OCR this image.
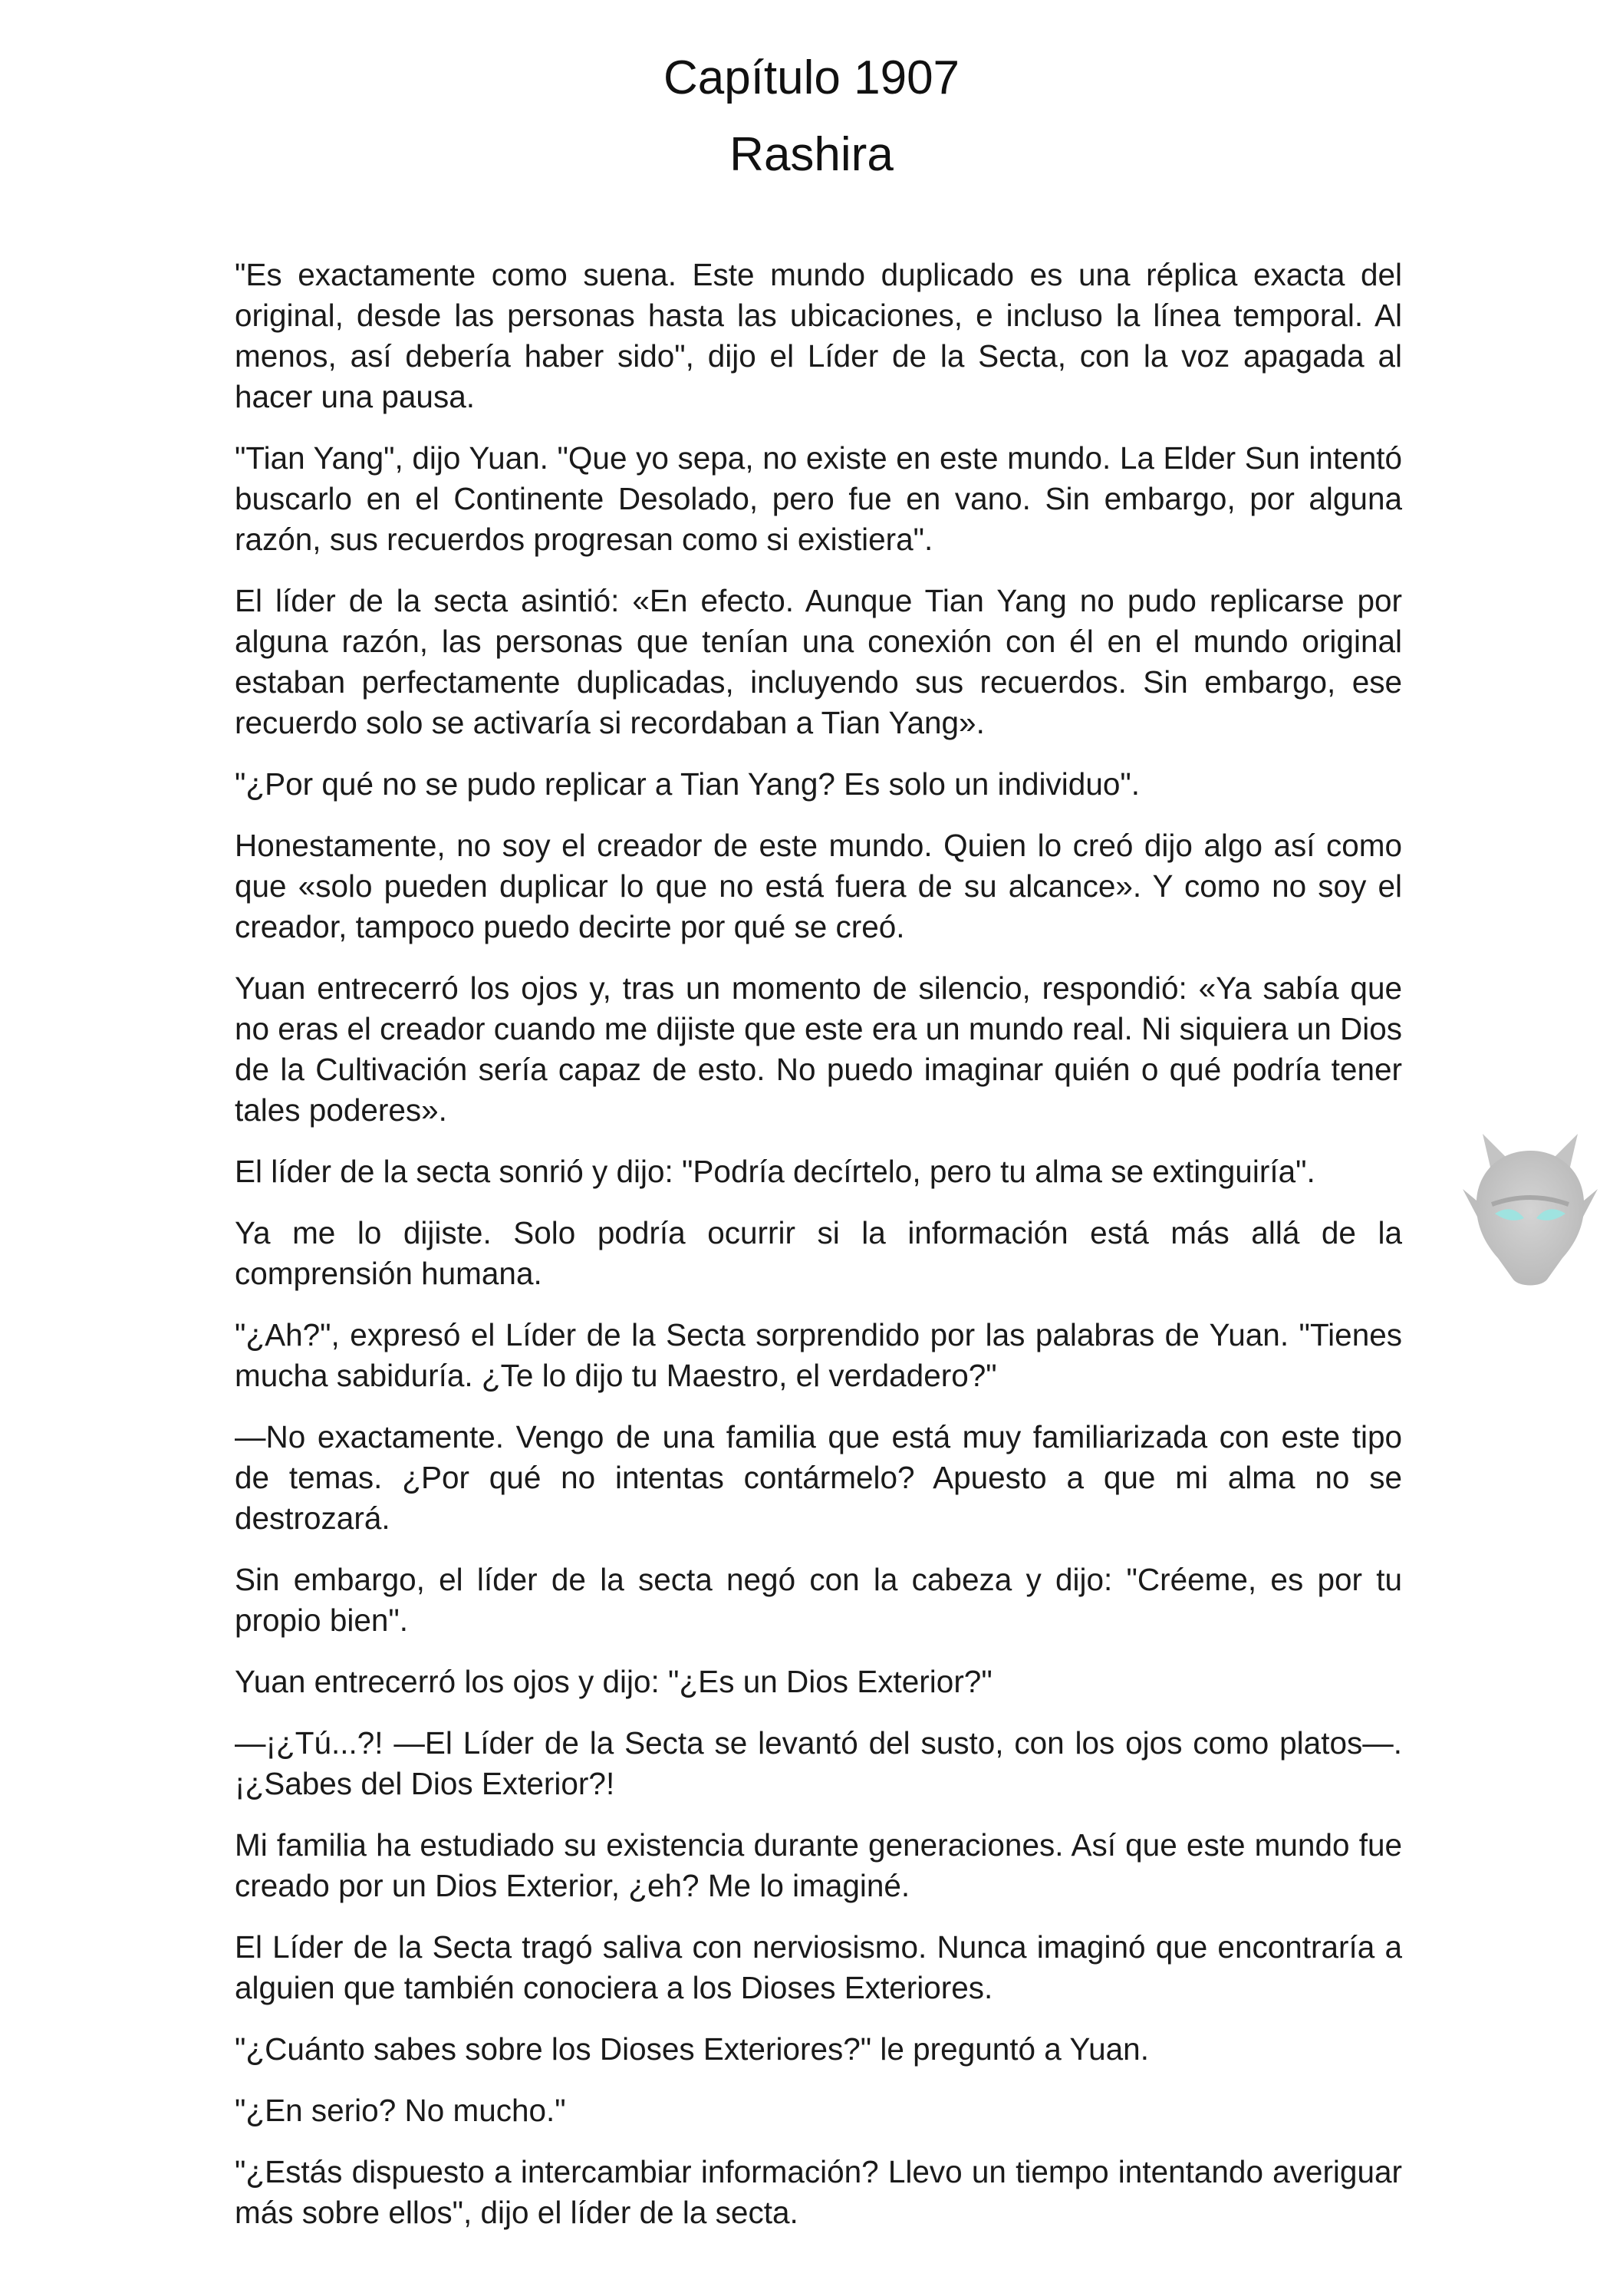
Capítulo 1907
Rashira

"Es exactamente como suena. Este mundo duplicado es una réplica exacta del original, desde las personas hasta las ubicaciones, e incluso la línea temporal. Al menos, así debería haber sido", dijo el Líder de la Secta, con la voz apagada al hacer una pausa.

"Tian Yang", dijo Yuan. "Que yo sepa, no existe en este mundo. La Elder Sun intentó buscarlo en el Continente Desolado, pero fue en vano. Sin embargo, por alguna razón, sus recuerdos progresan como si existiera".

El líder de la secta asintió: «En efecto. Aunque Tian Yang no pudo replicarse por alguna razón, las personas que tenían una conexión con él en el mundo original estaban perfectamente duplicadas, incluyendo sus recuerdos. Sin embargo, ese recuerdo solo se activaría si recordaban a Tian Yang».

"¿Por qué no se pudo replicar a Tian Yang? Es solo un individuo".

Honestamente, no soy el creador de este mundo. Quien lo creó dijo algo así como que «solo pueden duplicar lo que no está fuera de su alcance». Y como no soy el creador, tampoco puedo decirte por qué se creó.

Yuan entrecerró los ojos y, tras un momento de silencio, respondió: «Ya sabía que no eras el creador cuando me dijiste que este era un mundo real. Ni siquiera un Dios de la Cultivación sería capaz de esto. No puedo imaginar quién o qué podría tener tales poderes».

El líder de la secta sonrió y dijo: "Podría decírtelo, pero tu alma se extinguiría".

Ya me lo dijiste. Solo podría ocurrir si la información está más allá de la comprensión humana.

"¿Ah?", expresó el Líder de la Secta sorprendido por las palabras de Yuan. "Tienes mucha sabiduría. ¿Te lo dijo tu Maestro, el verdadero?"

—No exactamente. Vengo de una familia que está muy familiarizada con este tipo de temas. ¿Por qué no intentas contármelo? Apuesto a que mi alma no se destrozará.

Sin embargo, el líder de la secta negó con la cabeza y dijo: "Créeme, es por tu propio bien".

Yuan entrecerró los ojos y dijo: "¿Es un Dios Exterior?"

—¡¿Tú...?! —El Líder de la Secta se levantó del susto, con los ojos como platos—. ¡¿Sabes del Dios Exterior?!

Mi familia ha estudiado su existencia durante generaciones. Así que este mundo fue creado por un Dios Exterior, ¿eh? Me lo imaginé.

El Líder de la Secta tragó saliva con nerviosismo. Nunca imaginó que encontraría a alguien que también conociera a los Dioses Exteriores.

"¿Cuánto sabes sobre los Dioses Exteriores?" le preguntó a Yuan.

"¿En serio? No mucho."

"¿Estás dispuesto a intercambiar información? Llevo un tiempo intentando averiguar más sobre ellos", dijo el líder de la secta.
